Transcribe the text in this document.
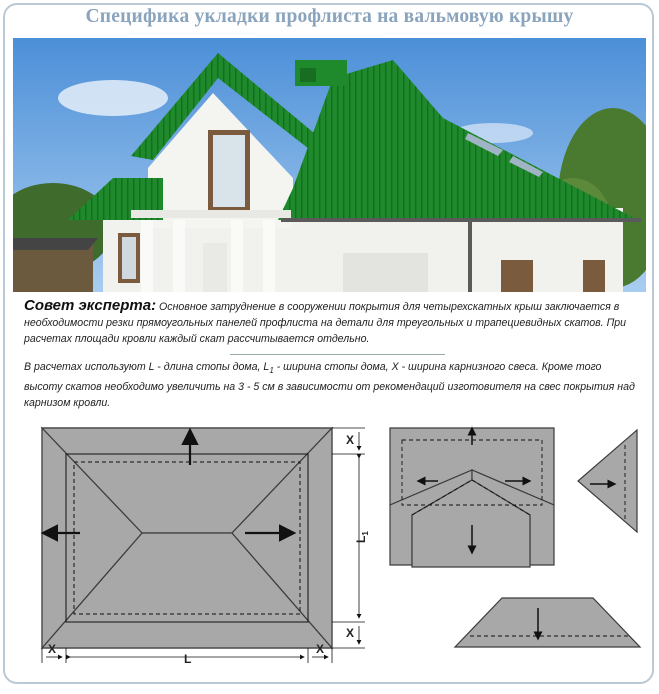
Спецификa укладки профлиста на вальмовую крышу
Совет эксперта: Основное затруднение в сооружении покрытия для четырехскатных крыш заключается в необходимости резки прямоугольных панелей профлиста на детали для треугольных и трапециевидных скатов. При расчетах площади кровли каждый скат рассчитывается отдельно.
В расчетах используют L - длина стопы дома, $L_1$ - ширина стопы дома, X - ширина карнизного свеса. Кроме того высоту скатов необходимо увеличить на 3 - 5 см в зависимости от рекомендаций изготовителя на свес покрытия над карнизом кровли.
X
L
X
X
$L_1$
X
